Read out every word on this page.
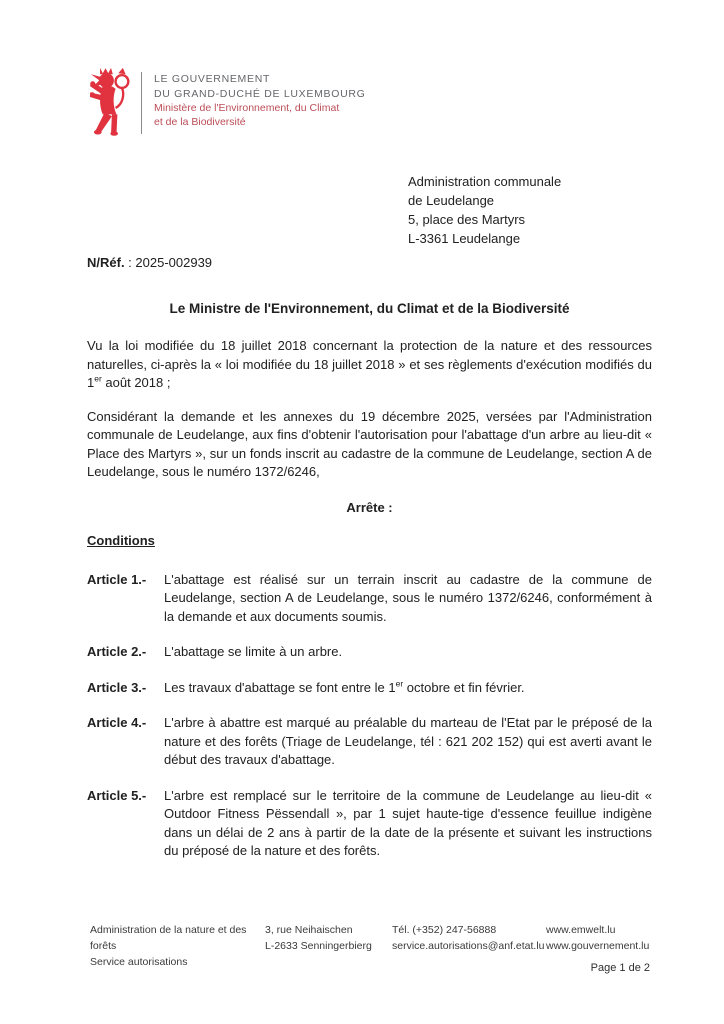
LE GOUVERNEMENT
DU GRAND-DUCHÉ DE LUXEMBOURG
Ministère de l'Environnement, du Climat
et de la Biodiversité
Administration communale
de Leudelange
5, place des Martyrs
L-3361 Leudelange
N/Réf. : 2025-002939
Le Ministre de l'Environnement, du Climat et de la Biodiversité

Vu la loi modifiée du 18 juillet 2018 concernant la protection de la nature et des ressources naturelles, ci-après la « loi modifiée du 18 juillet 2018 » et ses règlements d'exécution modifiés du 1er août 2018 ;

Considérant la demande et les annexes du 19 décembre 2025, versées par l'Administration communale de Leudelange, aux fins d'obtenir l'autorisation pour l'abattage d'un arbre au lieu-dit « Place des Martyrs », sur un fonds inscrit au cadastre de la commune de Leudelange, section A de Leudelange, sous le numéro 1372/6246,

Arrête :
Conditions
Article 1.-	L'abattage est réalisé sur un terrain inscrit au cadastre de la commune de Leudelange, section A de Leudelange, sous le numéro 1372/6246, conformément à la demande et aux documents soumis.
Article 2.-	L'abattage se limite à un arbre.
Article 3.-	Les travaux d'abattage se font entre le 1er octobre et fin février.
Article 4.-	L'arbre à abattre est marqué au préalable du marteau de l'Etat par le préposé de la nature et des forêts (Triage de Leudelange, tél : 621 202 152) qui est averti avant le début des travaux d'abattage.
Article 5.-	L'arbre est remplacé sur le territoire de la commune de Leudelange au lieu-dit « Outdoor Fitness Pëssendall », par 1 sujet haute-tige d'essence feuillue indigène dans un délai de 2 ans à partir de la date de la présente et suivant les instructions du préposé de la nature et des forêts.
Administration de la nature et des forêts
Service autorisations
3, rue Neihaischen
L-2633 Senningerbierg
Tél. (+352) 247-56888
service.autorisations@anf.etat.lu
www.emwelt.lu
www.gouvernement.lu
Page 1 de 2
